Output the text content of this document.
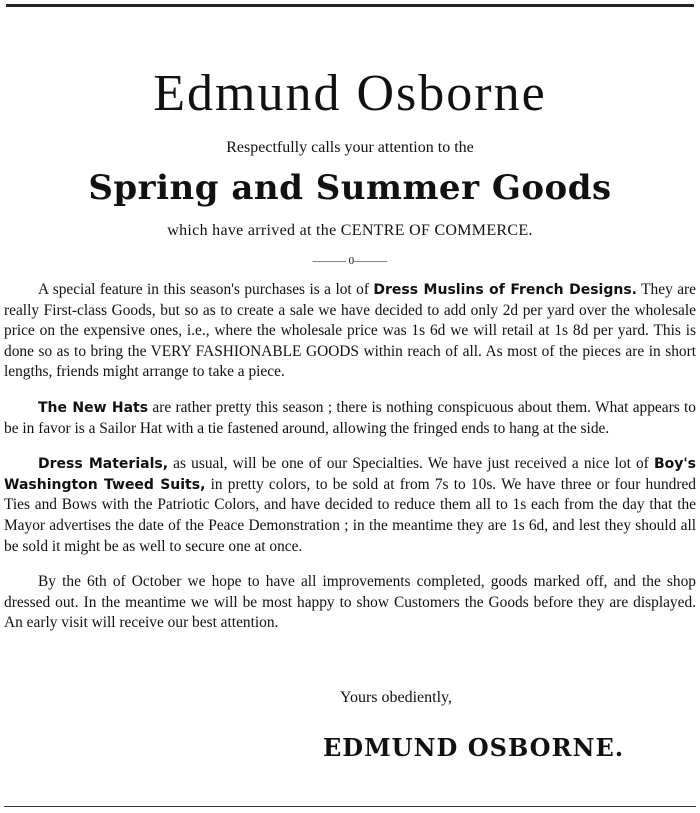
Edmund Osborne
Respectfully calls your attention to the
Spring and Summer Goods
which have arrived at the CENTRE OF COMMERCE.
——— 0———

A special feature in this season's purchases is a lot of Dress Muslins of French Designs. They are really First-class Goods, but so as to create a sale we have decided to add only 2d per yard over the wholesale price on the expensive ones, i.e., where the wholesale price was 1s 6d we will retail at 1s 8d per yard. This is done so as to bring the VERY FASHIONABLE GOODS within reach of all. As most of the pieces are in short lengths, friends might arrange to take a piece.

The New Hats are rather pretty this season ; there is nothing conspicuous about them. What appears to be in favor is a Sailor Hat with a tie fastened around, allowing the fringed ends to hang at the side.

Dress Materials, as usual, will be one of our Specialties. We have just received a nice lot of Boy's Washington Tweed Suits, in pretty colors, to be sold at from 7s to 10s. We have three or four hundred Ties and Bows with the Patriotic Colors, and have decided to reduce them all to 1s each from the day that the Mayor advertises the date of the Peace Demonstration ; in the meantime they are 1s 6d, and lest they should all be sold it might be as well to secure one at once.

By the 6th of October we hope to have all improvements completed, goods marked off, and the shop dressed out. In the meantime we will be most happy to show Customers the Goods before they are displayed. An early visit will receive our best attention.

Yours obediently,
EDMUND OSBORNE.
